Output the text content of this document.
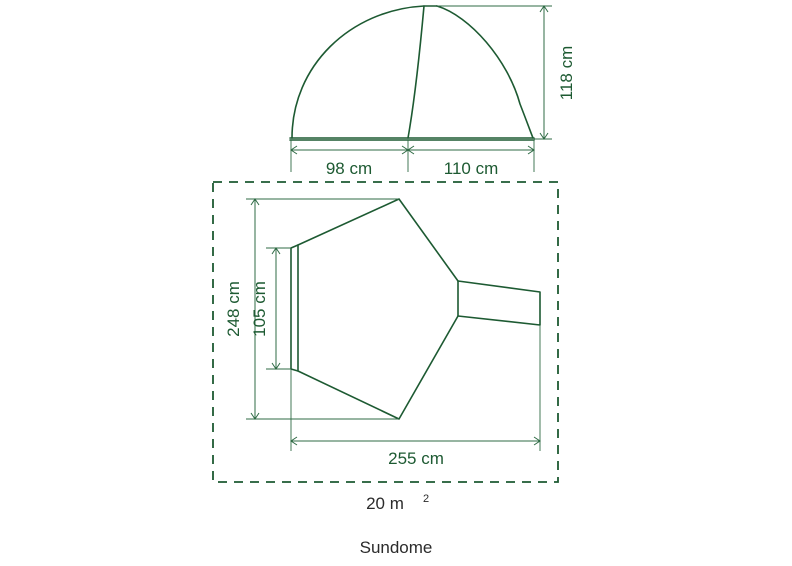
118 cm
98 cm	110 cm
248 cm 105 cm
255 cm
20 m 2
Sundome
